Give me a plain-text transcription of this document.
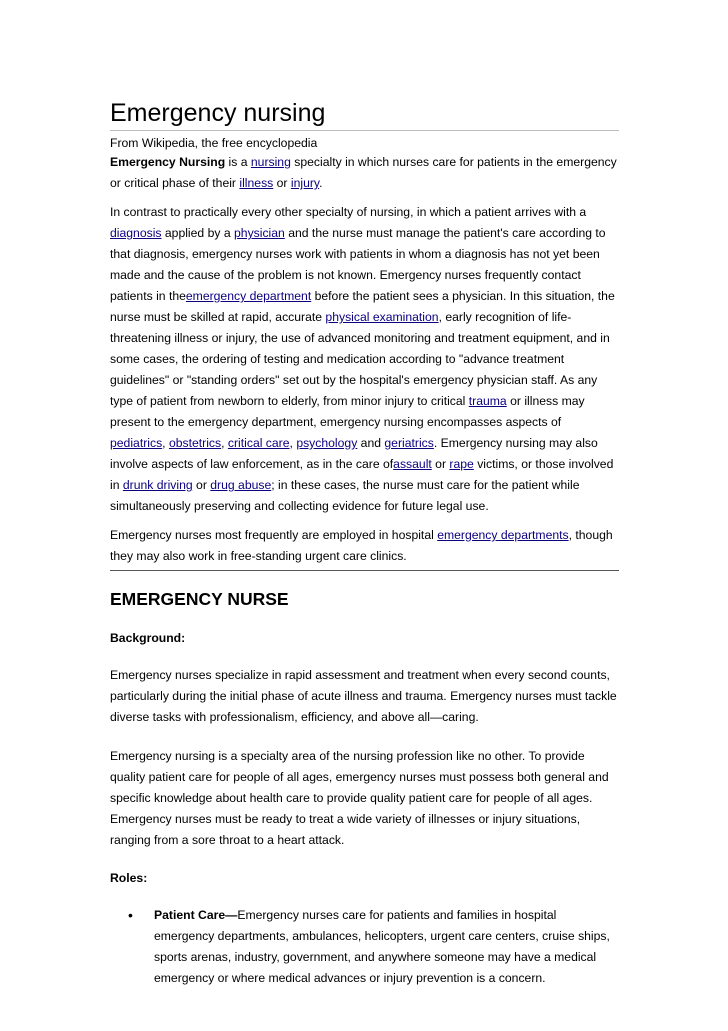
Emergency nursing
From Wikipedia, the free encyclopedia

Emergency Nursing is a nursing specialty in which nurses care for patients in the emergency or critical phase of their illness or injury.

In contrast to practically every other specialty of nursing, in which a patient arrives with a diagnosis applied by a physician and the nurse must manage the patient's care according to that diagnosis, emergency nurses work with patients in whom a diagnosis has not yet been made and the cause of the problem is not known. Emergency nurses frequently contact patients in theemergency department before the patient sees a physician. In this situation, the nurse must be skilled at rapid, accurate physical examination, early recognition of life-threatening illness or injury, the use of advanced monitoring and treatment equipment, and in some cases, the ordering of testing and medication according to "advance treatment guidelines" or "standing orders" set out by the hospital's emergency physician staff. As any type of patient from newborn to elderly, from minor injury to critical trauma or illness may present to the emergency department, emergency nursing encompasses aspects of pediatrics, obstetrics, critical care, psychology and geriatrics. Emergency nursing may also involve aspects of law enforcement, as in the care ofassault or rape victims, or those involved in drunk driving or drug abuse; in these cases, the nurse must care for the patient while simultaneously preserving and collecting evidence for future legal use.

Emergency nurses most frequently are employed in hospital emergency departments, though they may also work in free-standing urgent care clinics.

EMERGENCY NURSE
Background:

Emergency nurses specialize in rapid assessment and treatment when every second counts, particularly during the initial phase of acute illness and trauma. Emergency nurses must tackle diverse tasks with professionalism, efficiency, and above all—caring.

Emergency nursing is a specialty area of the nursing profession like no other. To provide quality patient care for people of all ages, emergency nurses must possess both general and specific knowledge about health care to provide quality patient care for people of all ages. Emergency nurses must be ready to treat a wide variety of illnesses or injury situations, ranging from a sore throat to a heart attack.

Roles:
• Patient Care—Emergency nurses care for patients and families in hospital emergency departments, ambulances, helicopters, urgent care centers, cruise ships, sports arenas, industry, government, and anywhere someone may have a medical emergency or where medical advances or injury prevention is a concern.
